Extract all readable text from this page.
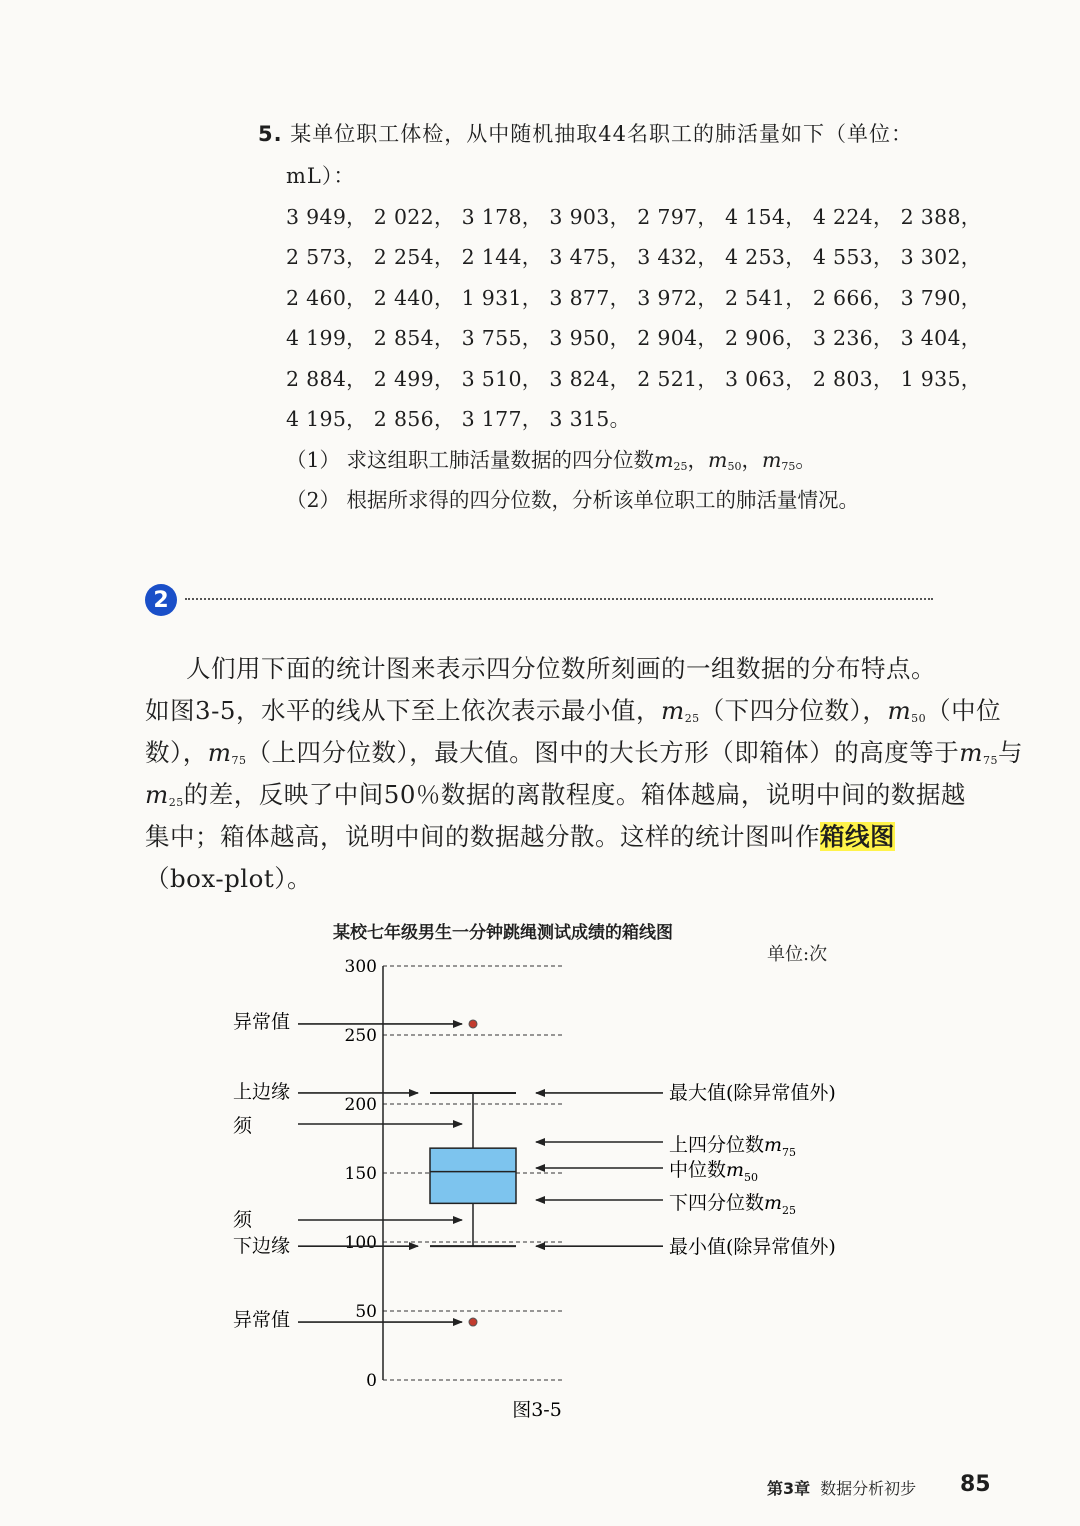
5. 某单位职工体检，从中随机抽取44名职工的肺活量如下（单位：
mL）：
3 949， 2 022， 3 178， 3 903， 2 797， 4 154， 4 224， 2 388，
2 573， 2 254， 2 144， 3 475， 3 432， 4 253， 4 553， 3 302，
2 460， 2 440， 1 931， 3 877， 3 972， 2 541， 2 666， 3 790，
4 199， 2 854， 3 755， 3 950， 2 904， 2 906， 3 236， 3 404，
2 884， 2 499， 3 510， 3 824， 2 521， 3 063， 2 803， 1 935，
4 195， 2 856， 3 177， 3 315。
（1） 求这组职工肺活量数据的四分位数$m_{25}$，$m_{50}$，$m_{75}$。
（2） 根据所求得的四分位数，分析该单位职工的肺活量情况。
2
人们用下面的统计图来表示四分位数所刻画的一组数据的分布特点。
如图3-5，水平的线从下至上依次表示最小值，$m_{25}$（下四分位数），$m_{50}$（中位
数），$m_{75}$（上四分位数），最大值。图中的大长方形（即箱体）的高度等于$m_{75}$与
$m_{25}$的差，反映了中间50％数据的离散程度。箱体越扁，说明中间的数据越
集中；箱体越高，说明中间的数据越分散。这样的统计图叫作箱线图
（box-plot）。
某校七年级男生一分钟跳绳测试成绩的箱线图
单位:次
0
50
100
150
200
250
300
异常值
上边缘
须
须
下边缘
异常值
最大值(除异常值外)
上四分位数$m_{75}$
中位数$m_{50}$
下四分位数$m_{25}$
最小值(除异常值外)
图3-5
第3章 数据分析初步 85
